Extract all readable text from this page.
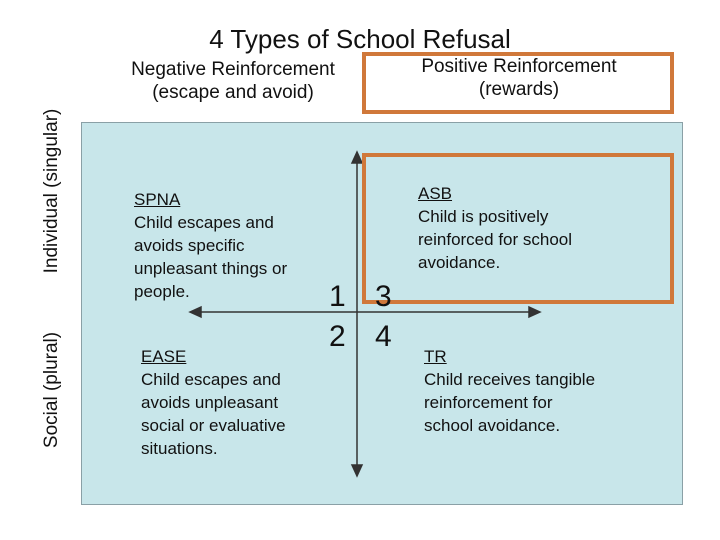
4 Types of School Refusal
Negative Reinforcement
(escape and avoid)
Positive Reinforcement
(rewards)
Individual (singular)
Social (plural)
1 3
2 4
SPNA
Child escapes and
avoids specific
unpleasant things or
people.
ASB
Child is positively
reinforced for school
avoidance.
EASE
Child escapes and
avoids unpleasant
social or evaluative
situations.
TR
Child receives tangible
reinforcement for
school avoidance.
